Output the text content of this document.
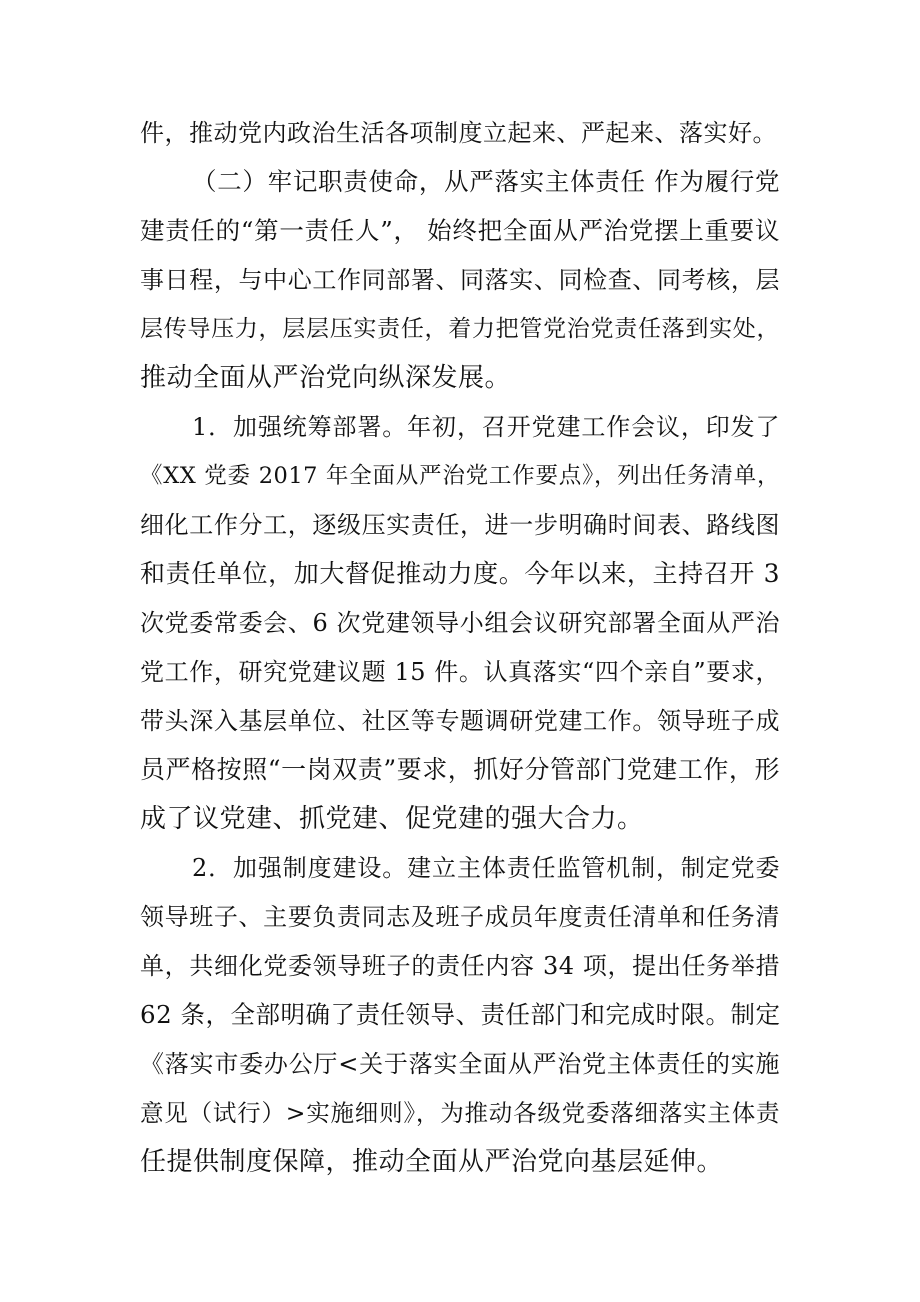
件，推动党内政治生活各项制度立起来、严起来、落实好。
（二）牢记职责使命，从严落实主体责任 作为履行党
建责任的“第一责任人”， 始终把全面从严治党摆上重要议
事日程，与中心工作同部署、同落实、同检查、同考核，层
层传导压力，层层压实责任，着力把管党治党责任落到实处，
推动全面从严治党向纵深发展。
1．加强统筹部署。年初，召开党建工作会议，印发了
《XX 党委 2017 年全面从严治党工作要点》，列出任务清单，
细化工作分工，逐级压实责任，进一步明确时间表、路线图
和责任单位，加大督促推动力度。今年以来，主持召开 3
次党委常委会、6 次党建领导小组会议研究部署全面从严治
党工作，研究党建议题 15 件。认真落实“四个亲自”要求，
带头深入基层单位、社区等专题调研党建工作。领导班子成
员严格按照“一岗双责”要求，抓好分管部门党建工作，形
成了议党建、抓党建、促党建的强大合力。
2．加强制度建设。建立主体责任监管机制，制定党委
领导班子、主要负责同志及班子成员年度责任清单和任务清
单，共细化党委领导班子的责任内容 34 项，提出任务举措
62 条，全部明确了责任领导、责任部门和完成时限。制定
《落实市委办公厅<关于落实全面从严治党主体责任的实施
意见（试行）>实施细则》，为推动各级党委落细落实主体责
任提供制度保障，推动全面从严治党向基层延伸。
